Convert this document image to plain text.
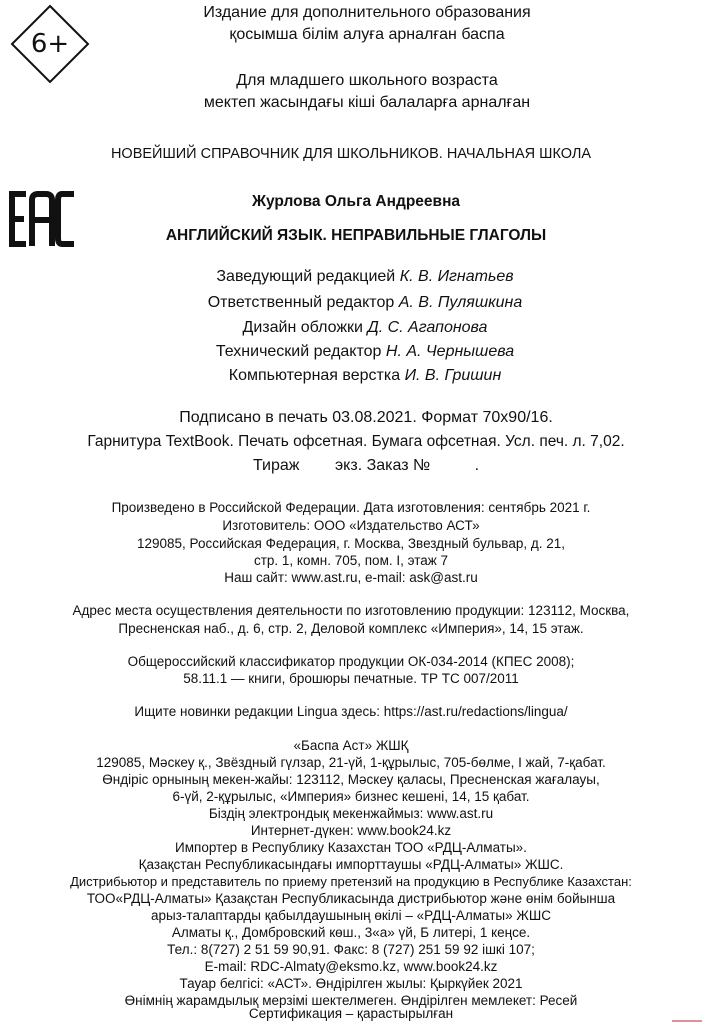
6+
Издание для дополнительного образования
қосымша білім алуға арналған баспа
Для младшего школьного возраста
мектеп жасындағы кіші балаларға арналған
НОВЕЙШИЙ СПРАВОЧНИК ДЛЯ ШКОЛЬНИКОВ. НАЧАЛЬНАЯ ШКОЛА
Журлова Ольга Андреевна
АНГЛИЙСКИЙ ЯЗЫК. НЕПРАВИЛЬНЫЕ ГЛАГОЛЫ
Заведующий редакцией К. В. Игнатьев
Ответственный редактор А. В. Пуляшкина
Дизайн обложки Д. С. Агапонова
Технический редактор Н. А. Чернышева
Компьютерная верстка И. В. Гришин
Подписано в печать 03.08.2021. Формат 70x90/16.
Гарнитура TextBook. Печать офсетная. Бумага офсетная. Усл. печ. л. 7,02.
Тираж        экз. Заказ №          .
Произведено в Российской Федерации. Дата изготовления: сентябрь 2021 г.
Изготовитель: ООО «Издательство АСТ»
129085, Российская Федерация, г. Москва, Звездный бульвар, д. 21,
стр. 1, комн. 705, пом. I, этаж 7
Наш сайт: www.ast.ru, e-mail: ask@ast.ru
Адрес места осуществления деятельности по изготовлению продукции: 123112, Москва,
Пресненская наб., д. 6, стр. 2, Деловой комплекс «Империя», 14, 15 этаж.
Общероссийский классификатор продукции ОК-034-2014 (КПЕС 2008);
58.11.1 — книги, брошюры печатные. ТР ТС 007/2011
Ищите новинки редакции Lingua здесь: https://ast.ru/redactions/lingua/
«Баспа Аст» ЖШҚ
129085, Мәскеу қ., Звёздный гүлзар, 21-үй, 1-құрылыс, 705-бөлме, I жай, 7-қабат.
Өндіріс орнының мекен-жайы: 123112, Мәскеу қаласы, Пресненская жағалауы,
6-үй, 2-құрылыс, «Империя» бизнес кешені, 14, 15 қабат.
Біздің электрондық мекенжаймыз: www.ast.ru
Интернет-дүкен: www.book24.kz
Импортер в Республику Казахстан ТОО «РДЦ-Алматы».
Қазақстан Республикасындағы импорттаушы «РДЦ-Алматы» ЖШС.
Дистрибьютор и представитель по приему претензий на продукцию в Республике Казахстан:
ТОО«РДЦ-Алматы» Қазақстан Республикасында дистрибьютор және өнім бойынша
арыз-талаптарды қабылдаушының өкілі – «РДЦ-Алматы» ЖШС
Алматы қ., Домбровский көш., 3«а» үй, Б литері, 1 кеңсе.
Тел.: 8(727) 2 51 59 90,91. Факс: 8 (727) 251 59 92 ішкі 107;
E-mail: RDC-Almaty@eksmo.kz, www.book24.kz
Тауар белгісі: «АСТ». Өндірілген жылы: Қыркүйек 2021
Өнімнің жарамдылық мерзімі шектелмеген. Өндірілген мемлекет: Ресей
Сертификация – қарастырылған
